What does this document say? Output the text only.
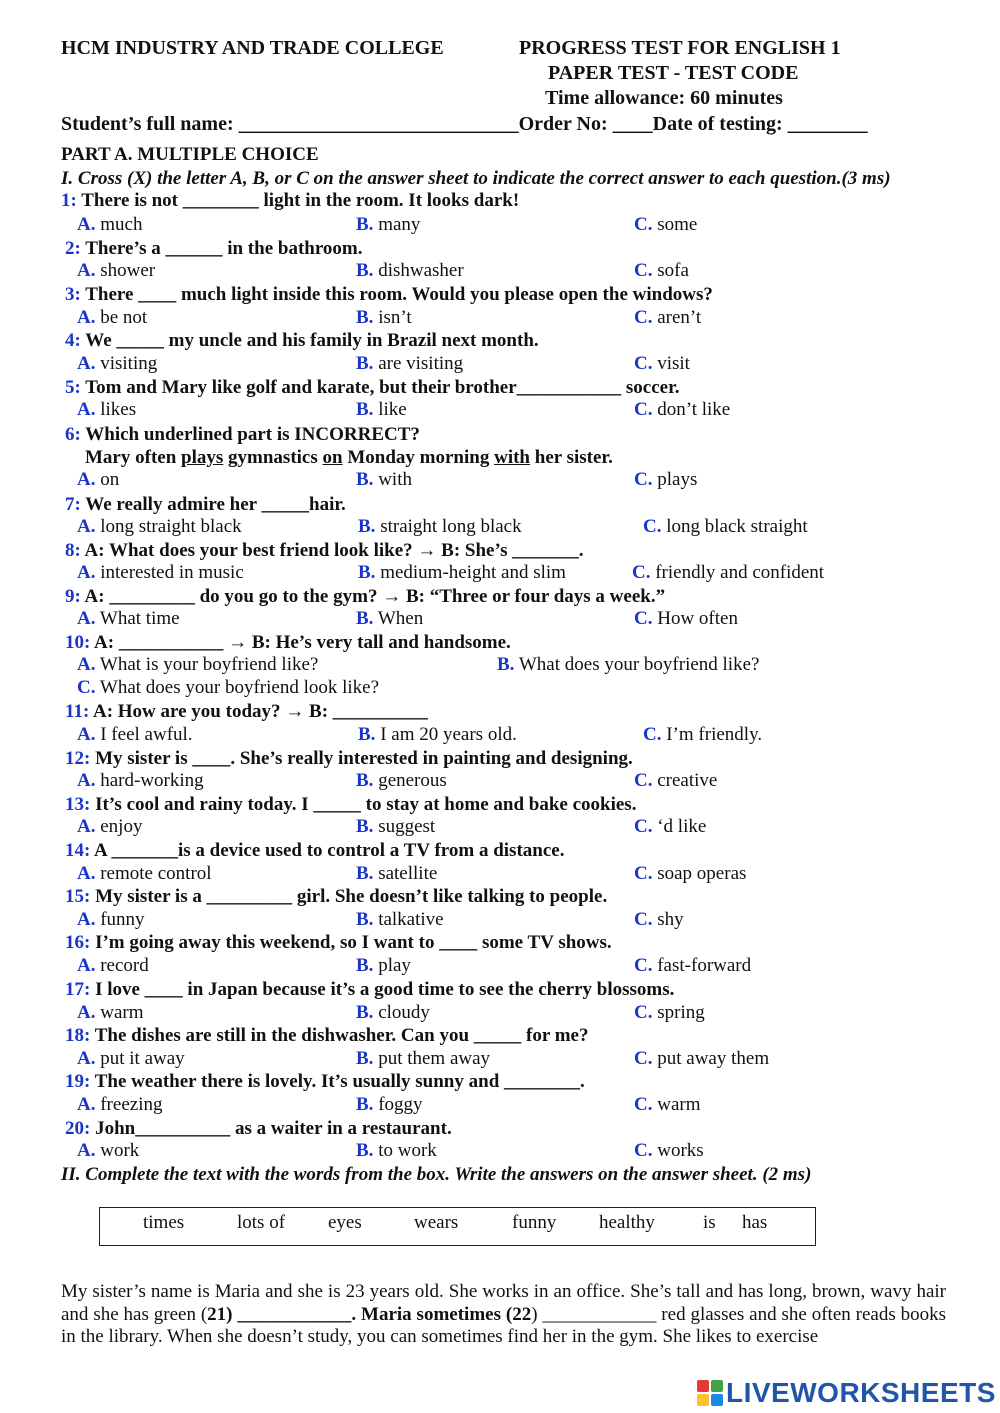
HCM INDUSTRY AND TRADE COLLEGE	PROGRESS TEST FOR ENGLISH 1
PAPER TEST - TEST CODE
Time allowance: 60 minutes
Student’s full name: ____________________________Order No: ____Date of testing: ________
PART A. MULTIPLE CHOICE
I. Cross (X) the letter A, B, or C on the answer sheet to indicate the correct answer to each question.(3 ms)
1: There is not ________ light in the room. It looks dark!
A. much	B. many	C. some
2: There’s a ______ in the bathroom.
A. shower	B. dishwasher	C. sofa
3: There ____ much light inside this room. Would you please open the windows?
A. be not	B. isn’t	C. aren’t
4: We _____ my uncle and his family in Brazil next month.
A. visiting	B. are visiting	C. visit
5: Tom and Mary like golf and karate, but their brother___________ soccer.
A. likes	B. like	C. don’t like
6: Which underlined part is INCORRECT?
Mary often plays gymnastics on Monday morning with her sister.
A. on	B. with	C. plays
7: We really admire her _____hair.
A. long straight black	B. straight long black	C. long black straight
8: A: What does your best friend look like? → B: She’s _______.
A. interested in music	B. medium-height and slim	C. friendly and confident
9: A: _________ do you go to the gym? → B: “Three or four days a week.”
A. What time	B. When	C. How often
10: A: ___________ → B: He’s very tall and handsome.
A. What is your boyfriend like?	B. What does your boyfriend like?
C. What does your boyfriend look like?
11: A: How are you today? → B: __________
A. I feel awful.	B. I am 20 years old.	C. I’m friendly.
12: My sister is ____. She’s really interested in painting and designing.
A. hard-working	B. generous	C. creative
13: It’s cool and rainy today. I _____ to stay at home and bake cookies.
A. enjoy	B. suggest	C. ‘d like
14: A _______is a device used to control a TV from a distance.
A. remote control	B. satellite	C. soap operas
15: My sister is a _________ girl. She doesn’t like talking to people.
A. funny	B. talkative	C. shy
16: I’m going away this weekend, so I want to ____ some TV shows.
A. record	B. play	C. fast-forward
17: I love ____ in Japan because it’s a good time to see the cherry blossoms.
A. warm	B. cloudy	C. spring
18: The dishes are still in the dishwasher. Can you _____ for me?
A. put it away	B. put them away	C. put away them
19: The weather there is lovely. It’s usually sunny and ________.
A. freezing	B. foggy	C. warm
20: John__________ as a waiter in a restaurant.
A. work	B. to work	C. works
II. Complete the text with the words from the box. Write the answers on the answer sheet. (2 ms)
times	lots of eyes	wears	funny healthy	is has
My sister’s name is Maria and she is 23 years old. She works in an office. She’s tall and has long, brown, wavy hair and she has green (21) ____________. Maria sometimes (22) ____________ red glasses and she often reads books in the library. When she doesn’t study, you can sometimes find her in the gym. She likes to exercise
LIVEWORKSHEETS
